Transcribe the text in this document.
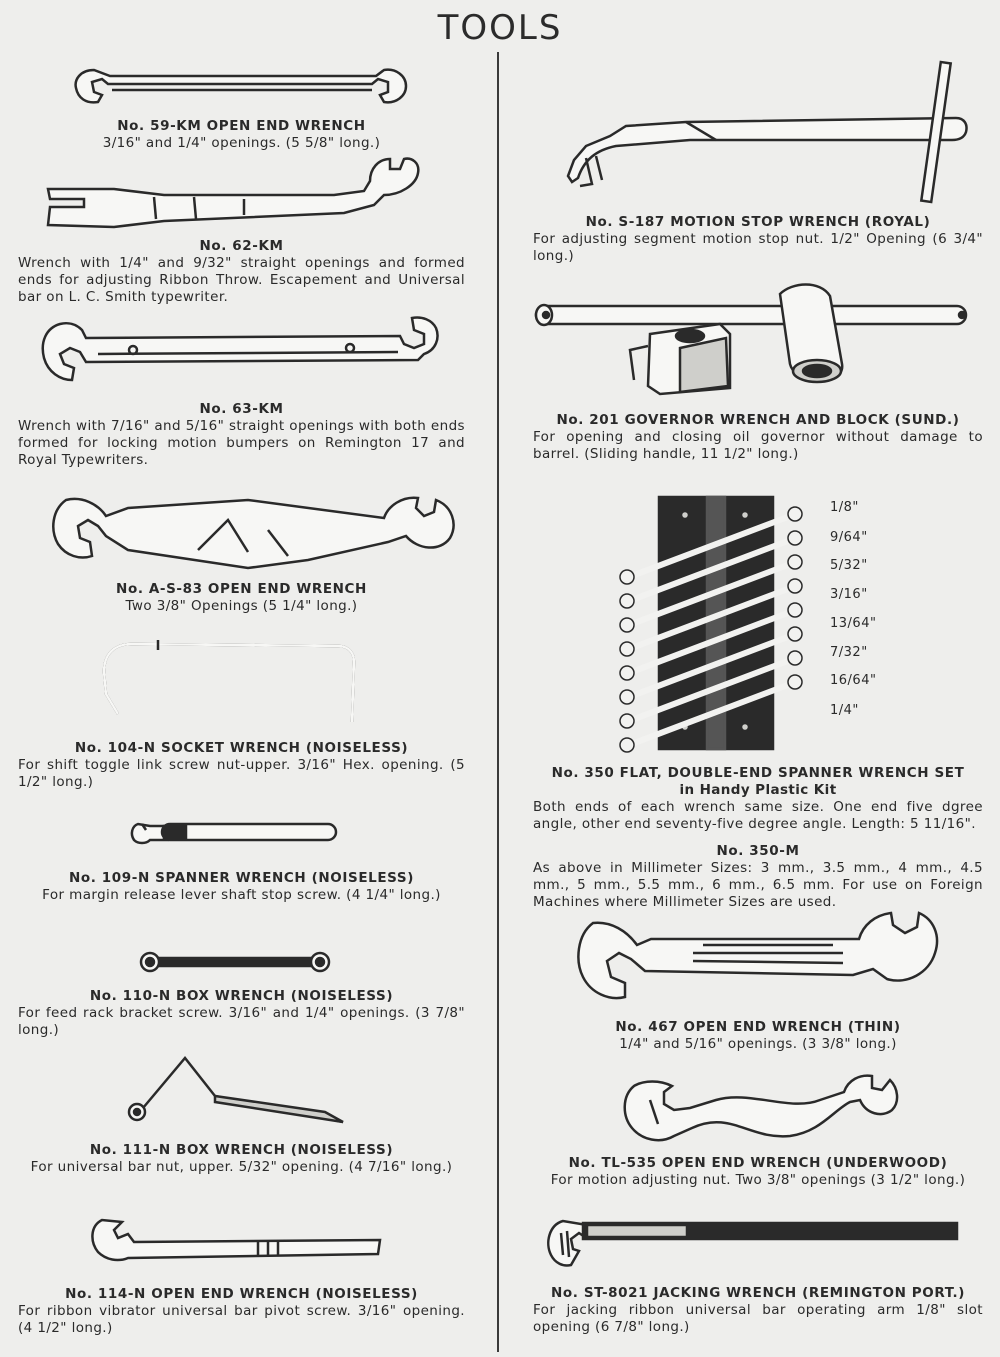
TOOLS
No. 59-KM OPEN END WRENCH
3/16" and 1/4" openings. (5 5/8" long.)
No. 62-KM
Wrench with 1/4" and 9/32" straight openings and formed ends for adjusting Ribbon Throw. Escapement and Universal bar on L. C. Smith typewriter.
No. 63-KM
Wrench with 7/16" and 5/16" straight openings with both ends formed for locking motion bumpers on Remington 17 and Royal Typewriters.
No. A-S-83 OPEN END WRENCH
Two 3/8" Openings (5 1/4" long.)
No. 104-N SOCKET WRENCH (NOISELESS)
For shift toggle link screw nut-upper. 3/16" Hex. opening. (5 1/2" long.)
No. 109-N SPANNER WRENCH (NOISELESS)
For margin release lever shaft stop screw. (4 1/4" long.)
No. 110-N BOX WRENCH (NOISELESS)
For feed rack bracket screw. 3/16" and 1/4" openings. (3 7/8" long.)
No. 111-N BOX WRENCH (NOISELESS)
For universal bar nut, upper. 5/32" opening. (4 7/16" long.)
No. 114-N OPEN END WRENCH (NOISELESS)
For ribbon vibrator universal bar pivot screw. 3/16" opening. (4 1/2" long.)
1/8"
9/64"
5/32"
3/16"
13/64"
7/32"
16/64"
1/4"
No. S-187 MOTION STOP WRENCH (ROYAL)
For adjusting segment motion stop nut. 1/2" Opening (6 3/4" long.)
No. 201 GOVERNOR WRENCH AND BLOCK (SUND.)
For opening and closing oil governor without damage to barrel. (Sliding handle, 11 1/2" long.)
No. 350 FLAT, DOUBLE-END SPANNER WRENCH SET
in Handy Plastic Kit
Both ends of each wrench same size. One end five dgree angle, other end seventy-five degree angle. Length: 5 11/16".
No. 350-M
As above in Millimeter Sizes: 3 mm., 3.5 mm., 4 mm., 4.5 mm., 5 mm., 5.5 mm., 6 mm., 6.5 mm. For use on Foreign Machines where Millimeter Sizes are used.
No. 467 OPEN END WRENCH (THIN)
1/4" and 5/16" openings. (3 3/8" long.)
No. TL-535 OPEN END WRENCH (UNDERWOOD)
For motion adjusting nut. Two 3/8" openings (3 1/2" long.)
No. ST-8021 JACKING WRENCH (REMINGTON PORT.)
For jacking ribbon universal bar operating arm 1/8" slot opening (6 7/8" long.)
